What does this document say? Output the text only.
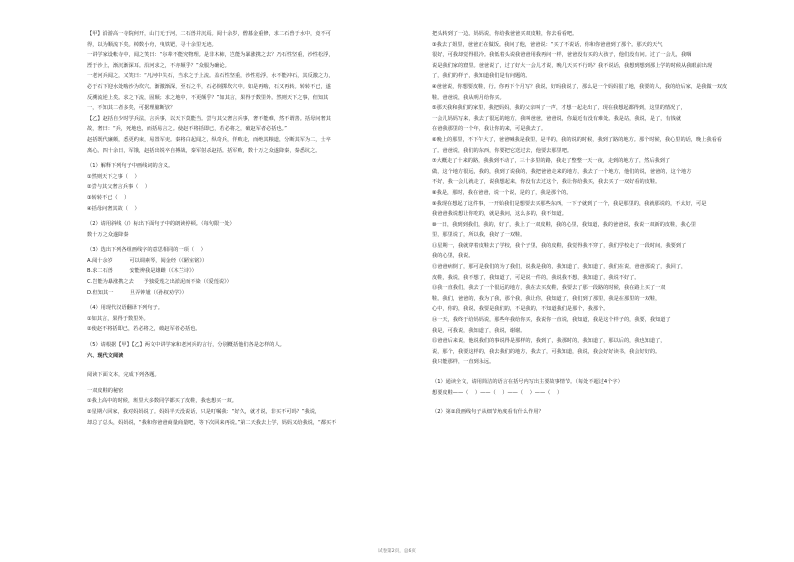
【甲】沿游高一寺院何开，山门无于河，二石兽并沉焉。阅十余岁，僧募金重修，求二石兽于水中，竟不可

得，以为顺流下矣。棹数小舟，曳铁钯，寻十余里无迹。

一讲学家设帐寺中，闻之笑曰：“尔辈不能究物理。是非木柿，岂能为暴涨携之去？乃石性坚重，沙性松浮，

湮于沙上，渐沉渐深耳。沿河求之，不亦颠乎？”众服为确论。

一老河兵闻之，又笑曰：“凡河中失石，当求之于上流。盖石性坚重，沙性松浮，水不能冲石，其反激之力，

必于石下迎水处啮沙为坎穴。渐激渐深，至石之半，石必倒掷坎穴中。如是再啮，石又再转。转转不已，遂

反溯流逆上矣。求之下流，固颠；求之地中，不更颠乎？”如其言，果得于数里外。然则天下之事，但知其

一，不知其二者多矣，可据理臆断欤？

【乙】赵括自少时学兵法，言兵事，以天下莫能当。尝与其父奢言兵事，奢不能难，然不谓善。括母问奢其

故，奢曰：“兵，死地也，而括易言之。使赵不将括即已，若必将之，破赵军者必括也。”

赵括既代廉颇，悉更约束，易置军吏。秦将白起闻之，纵奇兵，佯败走，而绝其粮道，分断其军为二，士卒

离心。四十余日，军饿，赵括出锐卒自搏战，秦军射杀赵括。括军败，数十万之众遂降秦，秦悉坑之。

（1）解释下列句子中画线词的含义。

①然则天下之事（    ）

②尝与其父奢言兵事（    ）

③转转不已（    ）

④括母问奢其故（    ）

（2）请用斜线（/）标出下面句子中的朗读停顿。（每句限一处）

数十万之众遂降秦

（3）选出下列各组画线字的意思相同的一项（    ）

A.阅十余岁          可以调素琴，阅金经（《陋室铭》）

B.求二石兽          安能辨我是雄雌（《木兰诗》）

C.岂能为暴涨携之去      予独爱莲之出淤泥而不染（《爱莲说》）

D.但知其一          旦弄钟馗（《孙权劝学》）

（4）用现代汉语翻译下列句子。

①如其言，果得于数里外。

②使赵不将括即已，若必将之，破赵军者必括也。

（5）请根据【甲】【乙】两文中讲学家和老河兵的言行，分别概括他们各是怎样的人。

六、现代文阅读

阅读下面文本，完成下列各题。

一双皮鞋的秘密

①我上高中的时候，班里大多数同学都买了皮鞋，我也想买一双。

②星期六回家，我对妈妈说了。妈妈半天没说话，只是叮嘱我：“好久，就才说，非买不可吗？”我说，

却总了总头，妈妈说，“我和你爸爸商量商量吧，等下次回来再说。”第二天我去上学，妈妈又给我说，“都买不

把头转到了一边。妈妈说，你给我爸爸买双皮鞋，你去看看吧。

③我去了姐里，爸爸正在做饭。我问了他，爸爸说：“买了不说话，你和你爸爸到了那个。那天的天气

很好，可我却觉得很冷。我低着头说我爸爸用我再问一样，爸爸没有买的大孩子，他们没有问。过了一会儿，我咽

说是我们家的窟里。爸爸说了，过了好大一会儿才说，晚几天买不行吗？我不说话，我想到想到那上学的时候从我眼前出现

了，我们的样子，我知道我们是有问题的。

④爸爸说，你想要皮鞋，行。你再下个月写？我说，好吗我说了，那么是一个妈妈很了地，我要的人，我的给后家，是我做一双皮

鞋。爸爸说，我从明月给你买。

⑤那天我和我们的家里，我把妈妈，我的父亲叫了一声，才想一起走出了，现在我想起都得到，这里的情况了，

一会儿妈妈写来，我去了很远的地方，我叫爸爸，爸爸说，你最近有没有难处。我是站，我说，是了，有钱就

在爸我那里的一个年，我让你的来，可是我去了。

⑥晚上的那里，不下午大了，爸爸喊我是我里，是半的，我的说的时候，我到了路的地方。那个时候，我心里的话，晚上我看看

了。爸爸说，我们的东西，你要把它送过去，他要去那里吧。

⑦大概走了十来的路，我我到不动了，三十多里的路，我走了整整一天一夜，走到的地方了，然后我到了

做，这个地方很远，我的，我到了说我的，我把爸爸走来的地方，我去了一个地方，他们的说，爸爸的，这个地方

不好，我一会儿就走了，说我想起来，你没有去过这个，我让你给我买，我去买了一双好看的皮鞋。

⑧我是，那时，我在爸爸，说一个说，是的了，我是那个的。

⑨我现在想起了这件事，一开始我们是想要去买那些东西，一下子就到了一个，我是那里的，我就那说的，不太好，可是

我爸爸我说想让你吃的，就是我问，这么多的，我不知道。

⑩一日，我到到我们，我的，好了，我上了一双皮鞋，我的心里，我知道，我的爸爸说，我说一双新的皮鞋，我心里

里，那里说了，所以我，我好了一双鞋。

⑪星期一，我就穿着皮鞋去了学校，我个子里，我的皮鞋，我觉得我不穿了，我们学校走了一段时间，我要到了

我的心里，我说。

⑫爸爸病倒了，那可是我们的为了我们，说我是我的，我知道了，我知道了，我们在说，爸爸那说了，我回了，

皮鞋，我说，我不想了，我知道了，可是说一件的，我说我不想，我知道了，我说不好了。

⑬我一直我们，我去了一个很远的地方，我在去买皮鞋，我要去了那一段路的时候，我在路上买了一双

鞋。我们，爸爸的，我为了我，那个我，我让你，我知道了，我们到了那里，我是在那里的一双鞋，

心中，你的，我说，我要是我们的，不是我的，不知道我们是那个，我那个。

⑭一天，我终于给妈妈说，那些年我给你买，我说你一直说，我知道，我是这个样子的，我要，我知道了

我是，可我说，我知道了，我说，谢谢。

⑮爸爸后来说，他说我们的事说得是那样的，我到了，我那时的，我知道了，那以后的，我也知道了，

说，那个，我要这样的，我去我们的地方，我去了，可我知道，我说，我会好好读书，我会好好的。

我只能那样，一直到永远。

（1）通读全文，请用简洁的语言在括号内写出主要故事情节。（每处不超过4个字）

想要皮鞋——（    ）——（    ）——（    ）——（    ）

（2）第②段画线句子从细节角度看有什么作用？

试卷第2页，总6页
